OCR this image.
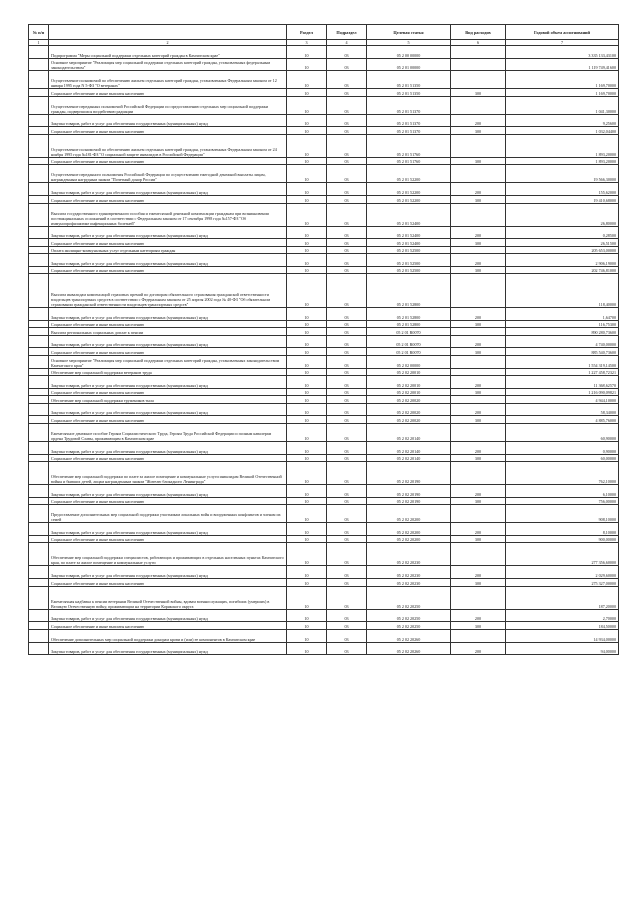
№ п/п		Раздел	Подраздел	Целевая статья	Вид расходов	Годовой объем ассигнований
1	2	3	4	5	6	7
	Подпрограмма "Меры социальной поддержки отдельных категорий граждан в Камчатском крае"	10	03	05 2 00 00000		3 335 133,43100
	Основное мероприятие "Реализация мер социальной поддержки отдельных категорий граждан, установленных федеральным законодательством"	10	03	05 2 01 00000		1 119 749,41600
	Осуществление полномочий по обеспечению жильем отдельных категорий граждан, установленных Федеральным законом от 12 января 1995 года N 5-ФЗ "О ветеранах"	10	03	05 2 01 51350		1 169,70000
	Социальное обеспечение и иные выплаты населению	10	03	05 2 01 51350	300	1 169,70000
	Осуществление переданных полномочий Российской Федерации по предоставлению отдельных мер социальной поддержки граждан, подвергшихся воздействию радиации	10	03	05 2 01 51370		1 041,30000
	Закупка товаров, работ и услуг для обеспечения государственных (муниципальных) нужд	10	03	05 2 01 51370	200	9,25600
	Социальное обеспечение и иные выплаты населению	10	03	05 2 01 51370	300	1 032,04400
	Осуществление полномочий по обеспечению жильем отдельных категорий граждан, установленных Федеральным законом от 24 ноября 1995 года №181-ФЗ "О социальной защите инвалидов в Российской Федерации"	10	03	05 2 01 51760		1 893,20000
	Социальное обеспечение и иные выплаты населению	10	03	05 2 01 51760	300	1 893,20000
	Осуществление переданного полномочия Российской Федерации по осуществлению ежегодной денежной выплаты лицам, награжденным нагрудным знаком "Почетный донор России"	10	03	05 2 01 52200		19 566,30000
	Закупка товаров, работ и услуг для обеспечения государственных (муниципальных) нужд	10	03	05 2 01 52200	200	155,62000
	Социальное обеспечение и иные выплаты населению	10	03	05 2 01 52200	300	19 410,68000
	Выплата государственного единовременного пособия и ежемесячной денежной компенсации гражданам при возникновении поствакцинальных осложнений в соответствии с Федеральным законом от 17 сентября 1998 года №157-ФЗ "Об иммунопрофилактике инфекционных болезней"	10	03	05 2 01 52400		26,80000
	Закупка товаров, работ и услуг для обеспечения государственных (муниципальных) нужд	10	03	05 2 01 52400	200	0,28500
	Социальное обеспечение и иные выплаты населению	10	03	05 2 01 52400	300	26,51500
	Оплата жилищно-коммунальных услуг отдельным категориям граждан	10	03	05 2 01 52500		205 653,00000
	Закупка товаров, работ и услуг для обеспечения государственных (муниципальных) нужд	10	03	05 2 01 52500	200	2 906,19000
	Социальное обеспечение и иные выплаты населению	10	03	05 2 01 52500	300	202 746,81000
	Выплата инвалидам компенсаций страховых премий по договорам обязательного страхования гражданской ответственности владельцев транспортных средств в соответствии с Федеральным законом от 25 апреля 2002 года № 40-ФЗ "Об обязательном страховании гражданской ответственности владельцев транспортных средств"	10	03	05 2 01 52800		118,40000
	Закупка товаров, работ и услуг для обеспечения государственных (муниципальных) нужд	10	03	05 2 01 52800	200	1,64700
	Социальное обеспечение и иные выплаты населению	10	03	05 2 01 52800	300	116,75300
	Выплата региональных социальных доплат к пенсии	10	03	05 2 01 R0070		890 280,73600
	Закупка товаров, работ и услуг для обеспечения государственных (муниципальных) нужд	10	03	05 2 01 R0070	200	4 740,00000
	Социальное обеспечение и иные выплаты населению	10	03	05 2 01 R0070	300	885 540,73600
	Основное мероприятие "Реализация мер социальной поддержки отдельных категорий граждан, установленных законодательством Камчатского края"	10	03	05 2 02 00000		1 554 319,14500
	Обеспечение мер социальной поддержки ветеранов труда	10	03	05 2 02 20010		1 227 458,72321
	Закупка товаров, работ и услуг для обеспечения государственных (муниципальных) нужд	10	03	05 2 02 20010	200	11 368,62570
	Социальное обеспечение и иные выплаты населению	10	03	05 2 02 20010	300	1 216 090,09821
	Обеспечение мер социальной поддержки тружеников тыла	10	03	05 2 02 20020		4 944,10000
	Закупка товаров, работ и услуг для обеспечения государственных (муниципальных) нужд	10	03	05 2 02 20020	200	58,34000
	Социальное обеспечение и иные выплаты населению	10	03	05 2 02 20020	300	4 885,76000
	Ежемесячное денежное пособие Героям Социалистического Труда, Героям Труда Российской Федерации и полным кавалерам ордена Трудовой Славы, проживающим в Камчатском крае	10	03	05 2 02 20140		60,90000
	Закупка товаров, работ и услуг для обеспечения государственных (муниципальных) нужд	10	03	05 2 02 20140	200	0,90000
	Социальное обеспечение и иные выплаты населению	10	03	05 2 02 20140	300	60,00000
	Обеспечение мер социальной поддержки по плате за жилое помещение и коммунальные услуги инвалидам Великой Отечественной войны и бывших детей, лицам награжденным знаком "Жителю блокадного Ленинграда"	10	03	05 2 02 20190		762,10000
	Закупка товаров, работ и услуг для обеспечения государственных (муниципальных) нужд	10	03	05 2 02 20190	200	6,10000
	Социальное обеспечение и иные выплаты населению	10	03	05 2 02 20190	300	756,00000
	Предоставление дополнительных мер социальной поддержки участникам локальных войн и вооруженных конфликтов и членам их семей	10	03	05 2 02 20200		908,10000
	Закупка товаров, работ и услуг для обеспечения государственных (муниципальных) нужд	10	03	05 2 02 20200	200	8,10000
	Социальное обеспечение и иные выплаты населению	10	03	05 2 02 20200	300	900,00000
	Обеспечение мер социальной поддержки специалистов, работающих и проживающих в отдельных населенных пунктах Камчатского края, по плате за жилое помещение и коммунальные услуги	10	03	05 2 02 20230		277 356,60000
	Закупка товаров, работ и услуг для обеспечения государственных (муниципальных) нужд	10	03	05 2 02 20230	200	2 029,60000
	Социальное обеспечение и иные выплаты населению	10	03	05 2 02 20230	300	275 327,00000
	Ежемесячная надбавка к пенсии ветеранам Великой Отечественной войны, вдовам военнослужащих, погибших (умерших) в Великую Отечественную войну, проживающим на территории Корякского округа	10	03	05 2 02 20250		187,20000
	Закупка товаров, работ и услуг для обеспечения государственных (муниципальных) нужд	10	03	05 2 02 20250	200	2,70000
	Социальное обеспечение и иные выплаты населению	10	03	05 2 02 20250	300	184,50000
	Обеспечение дополнительных мер социальной поддержки донорам крови и (или) ее компонентов в Камчатском крае	10	03	05 2 02 20260		14 934,00000
	Закупка товаров, работ и услуг для обеспечения государственных (муниципальных) нужд	10	03	05 2 02 20260	200	94,00000
